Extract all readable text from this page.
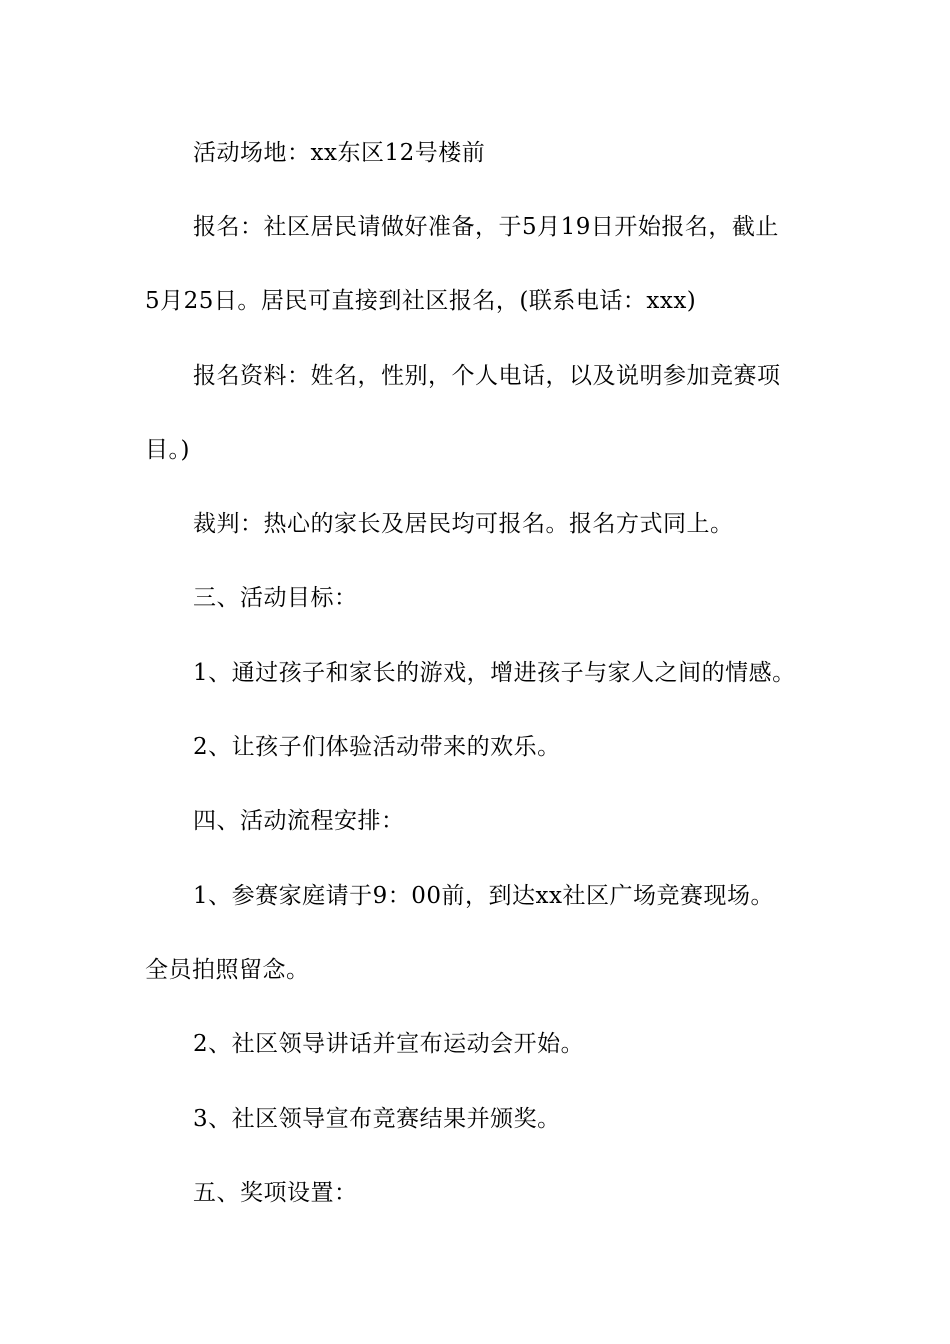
活动场地：xx东区12号楼前
报名：社区居民请做好准备，于5月19日开始报名，截止
5月25日。居民可直接到社区报名，(联系电话：xxx)
报名资料：姓名，性别，个人电话，以及说明参加竞赛项
目。)
裁判：热心的家长及居民均可报名。报名方式同上。
三、活动目标：
1、通过孩子和家长的游戏，增进孩子与家人之间的情感。
2、让孩子们体验活动带来的欢乐。
四、活动流程安排：
1、参赛家庭请于9：00前，到达xx社区广场竞赛现场。
全员拍照留念。
2、社区领导讲话并宣布运动会开始。
3、社区领导宣布竞赛结果并颁奖。
五、奖项设置：
